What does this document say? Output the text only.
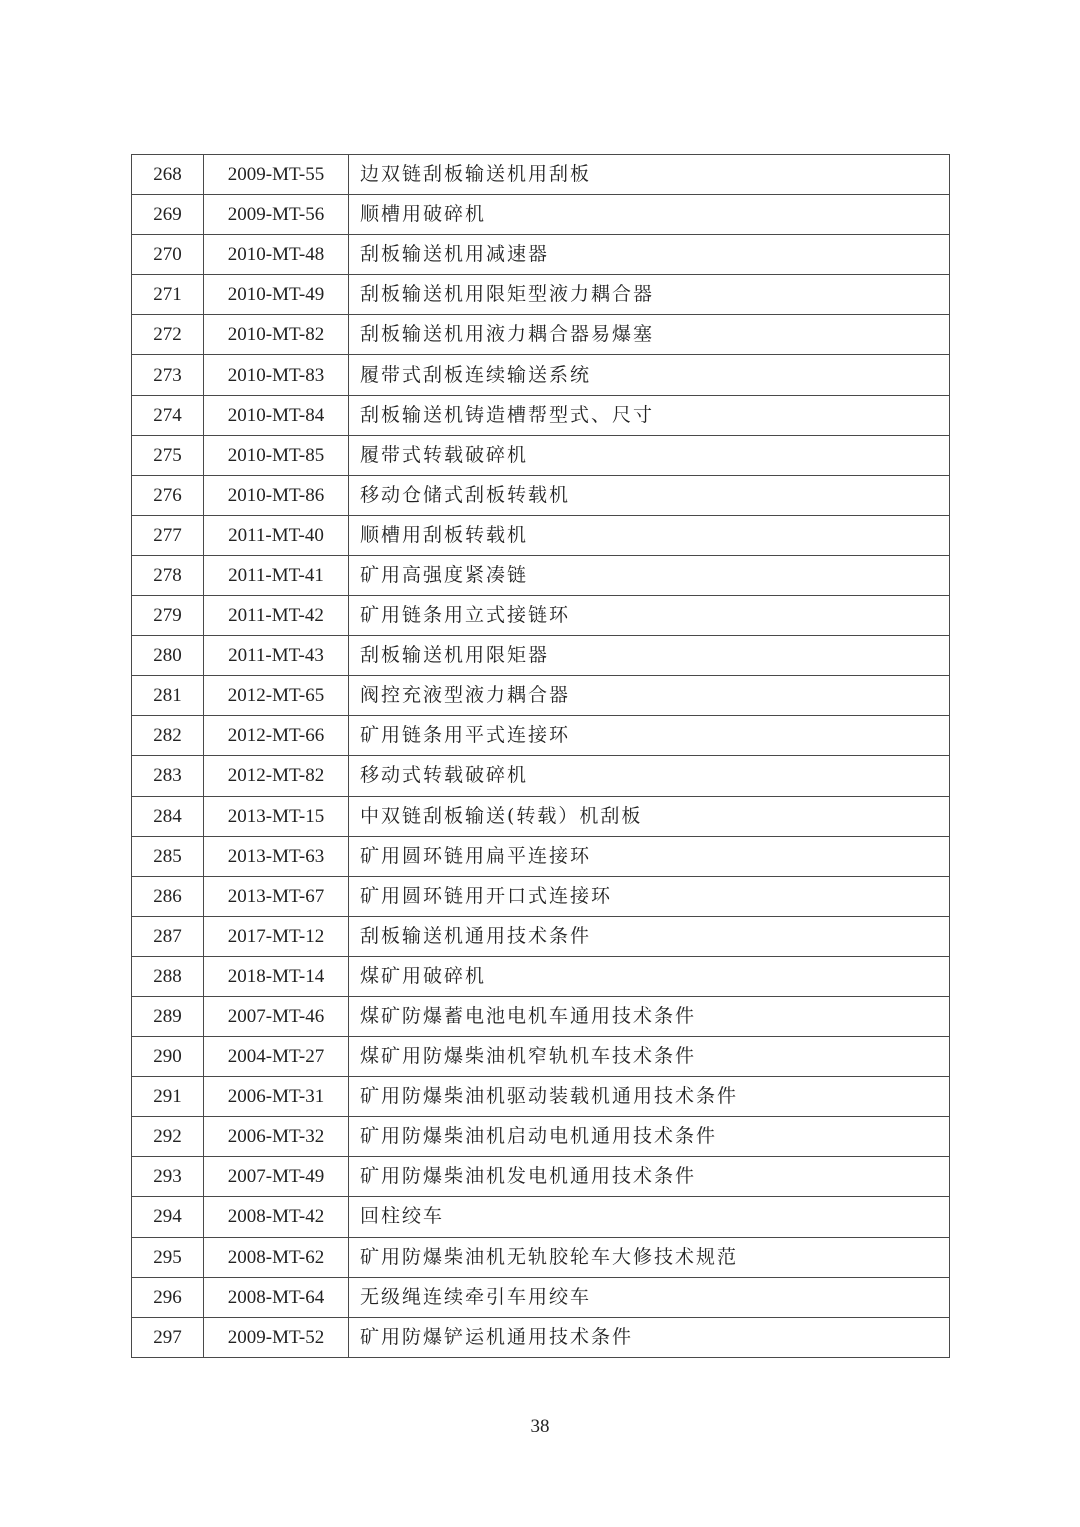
268	2009-MT-55	边双链刮板输送机用刮板
269	2009-MT-56	顺槽用破碎机
270	2010-MT-48	刮板输送机用减速器
271	2010-MT-49	刮板输送机用限矩型液力耦合器
272	2010-MT-82	刮板输送机用液力耦合器易爆塞
273	2010-MT-83	履带式刮板连续输送系统
274	2010-MT-84	刮板输送机铸造槽帮型式、尺寸
275	2010-MT-85	履带式转载破碎机
276	2010-MT-86	移动仓储式刮板转载机
277	2011-MT-40	顺槽用刮板转载机
278	2011-MT-41	矿用高强度紧凑链
279	2011-MT-42	矿用链条用立式接链环
280	2011-MT-43	刮板输送机用限矩器
281	2012-MT-65	阀控充液型液力耦合器
282	2012-MT-66	矿用链条用平式连接环
283	2012-MT-82	移动式转载破碎机
284	2013-MT-15	中双链刮板输送(转载）机刮板
285	2013-MT-63	矿用圆环链用扁平连接环
286	2013-MT-67	矿用圆环链用开口式连接环
287	2017-MT-12	刮板输送机通用技术条件
288	2018-MT-14	煤矿用破碎机
289	2007-MT-46	煤矿防爆蓄电池电机车通用技术条件
290	2004-MT-27	煤矿用防爆柴油机窄轨机车技术条件
291	2006-MT-31	矿用防爆柴油机驱动装载机通用技术条件
292	2006-MT-32	矿用防爆柴油机启动电机通用技术条件
293	2007-MT-49	矿用防爆柴油机发电机通用技术条件
294	2008-MT-42	回柱绞车
295	2008-MT-62	矿用防爆柴油机无轨胶轮车大修技术规范
296	2008-MT-64	无级绳连续牵引车用绞车
297	2009-MT-52	矿用防爆铲运机通用技术条件
38
